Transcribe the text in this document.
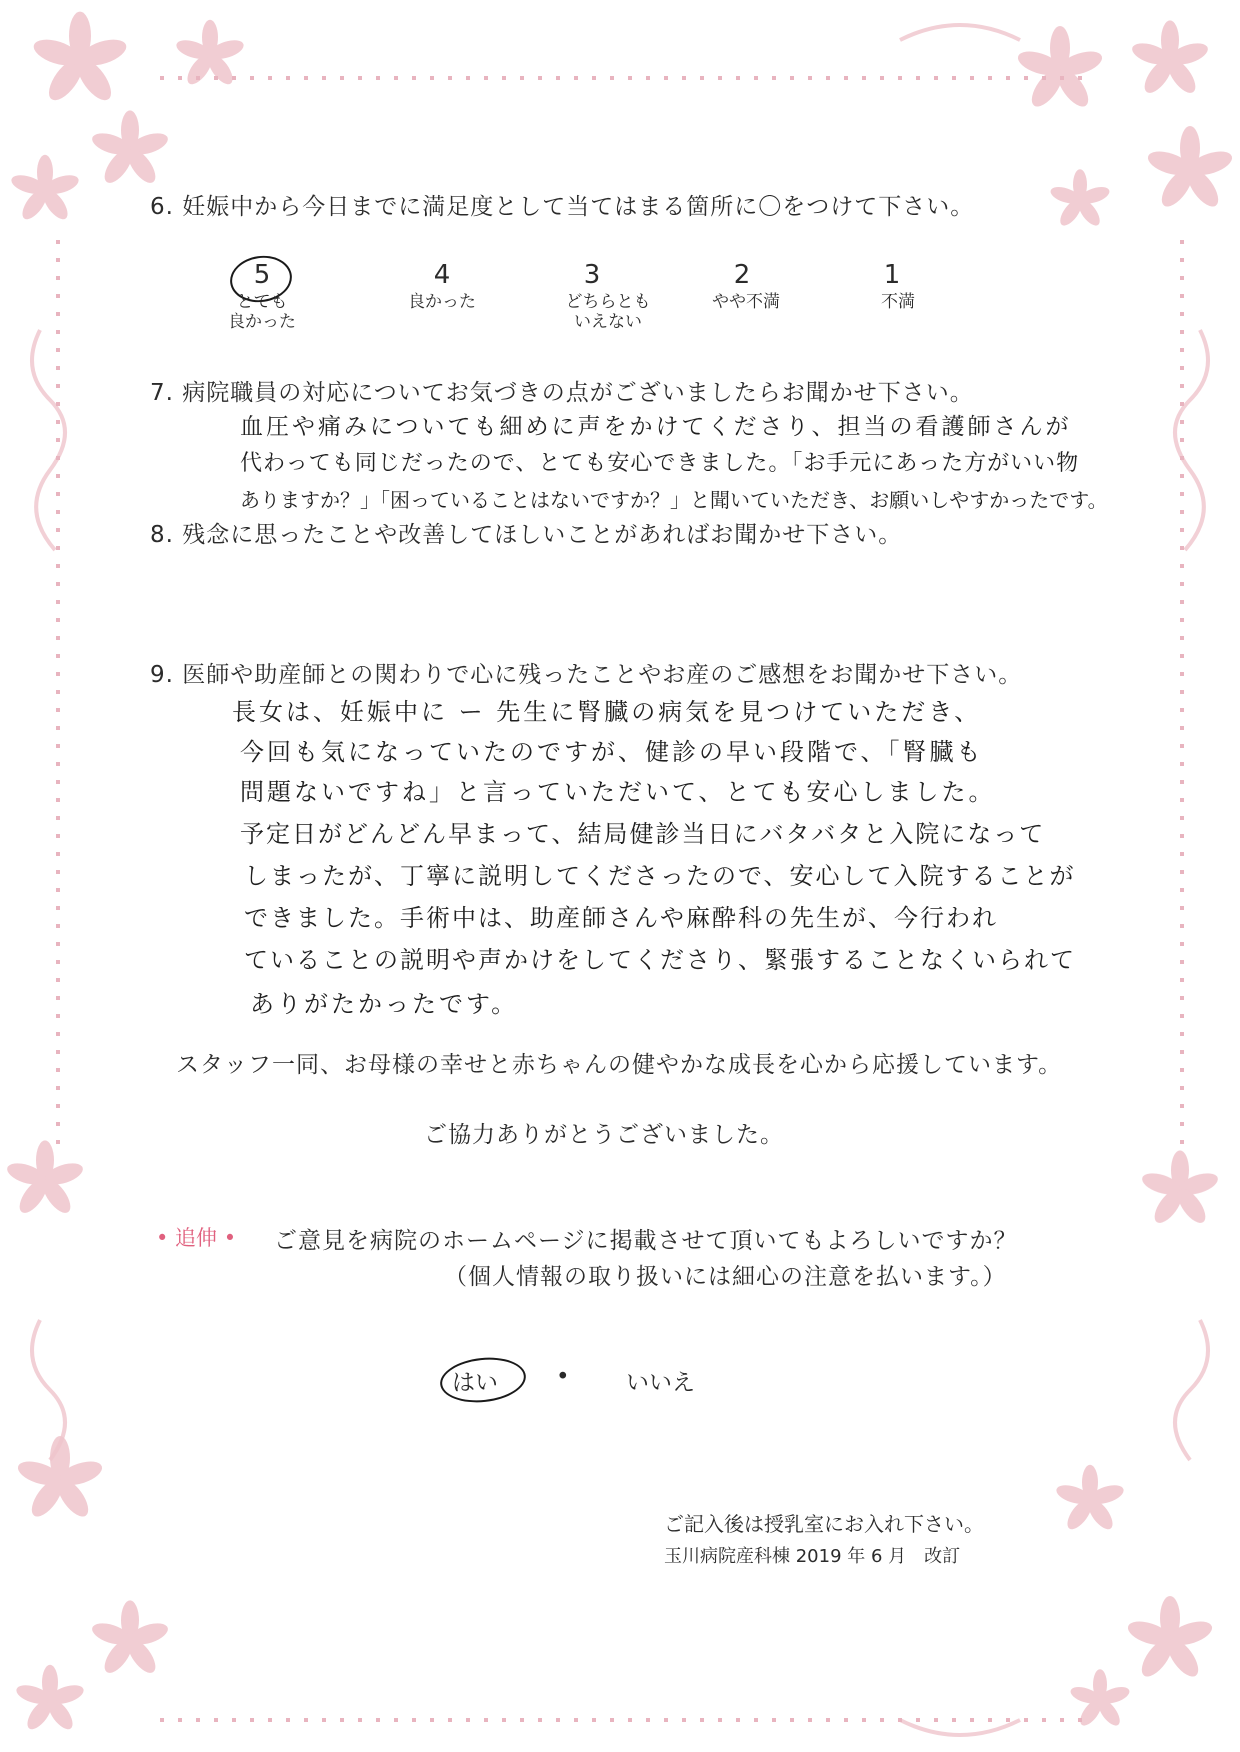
6. 妊娠中から今日までに満足度として当てはまる箇所に〇をつけて下さい。
5
とても
良かった
4
良かった
3
どちらとも
いえない
2
やや不満
1
不満
7. 病院職員の対応についてお気づきの点がございましたらお聞かせ下さい。
血圧や痛みについても細めに声をかけてくださり、担当の看護師さんが
代わっても同じだったので、とても安心できました。「お手元にあった方がいい物
ありますか？」「困っていることはないですか？」と聞いていただき、お願いしやすかったです。
8. 残念に思ったことや改善してほしいことがあればお聞かせ下さい。
9. 医師や助産師との関わりで心に残ったことやお産のご感想をお聞かせ下さい。
長女は、妊娠中に ー 先生に腎臓の病気を見つけていただき、
今回も気になっていたのですが、健診の早い段階で、「腎臓も
問題ないですね」と言っていただいて、とても安心しました。
予定日がどんどん早まって、結局健診当日にバタバタと入院になって
しまったが、丁寧に説明してくださったので、安心して入院することが
できました。手術中は、助産師さんや麻酔科の先生が、今行われ
ていることの説明や声かけをしてくださり、緊張することなくいられて
ありがたかったです。
スタッフ一同、お母様の幸せと赤ちゃんの健やかな成長を心から応援しています。
ご協力ありがとうございました。
• 追伸 • ご意見を病院のホームページに掲載させて頂いてもよろしいですか？
（個人情報の取り扱いには細心の注意を払います。）
はい	• いいえ
ご記入後は授乳室にお入れ下さい。
玉川病院産科棟 2019 年 6 月　改訂
